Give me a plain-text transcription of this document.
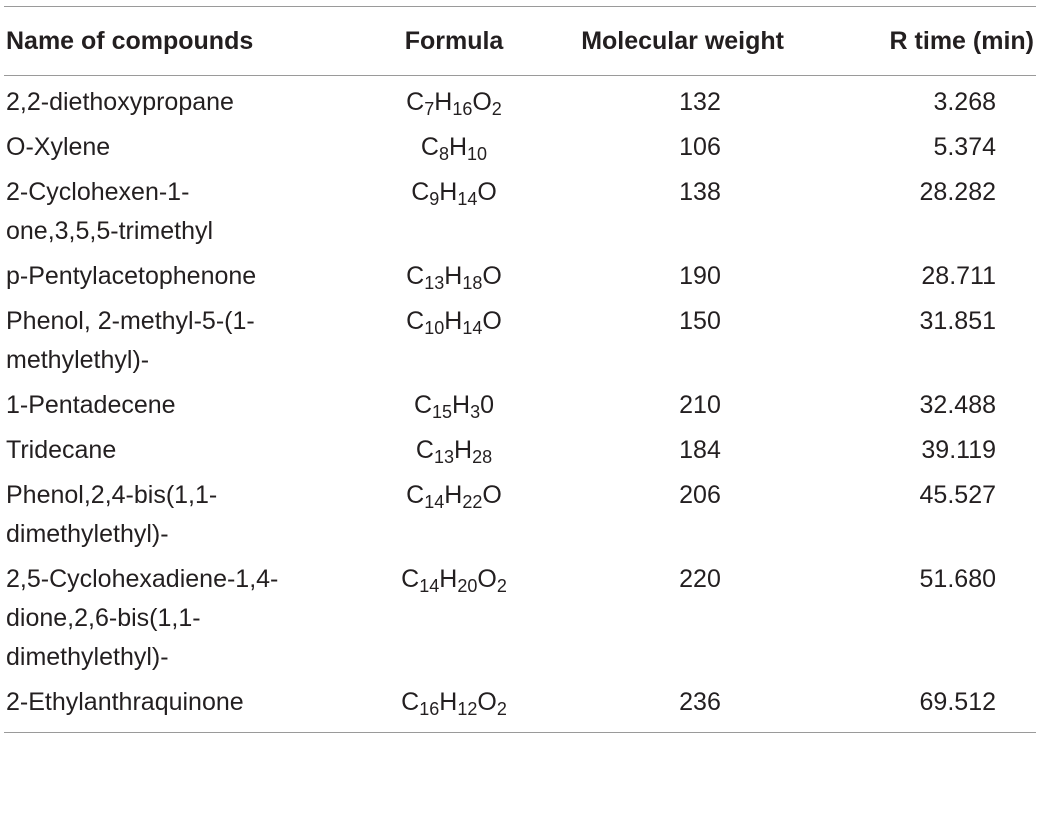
Name of compounds	Formula	Molecular weight	R time (min)
2,2-diethoxypropane	$C_7H_{16}O_2$	132	3.268
O-Xylene	$C_8H_{10}$	106	5.374
2-Cyclohexen-1-one,3,5,5-trimethyl	$C_9H_{14}O$	138	28.282
p-Pentylacetophenone	$C_{13}H_{18}O$	190	28.711
Phenol, 2-methyl-5-(1-methylethyl)-	$C_{10}H_{14}O$	150	31.851
1-Pentadecene	$C_{15}H_30$	210	32.488
Tridecane	$C_{13}H_{28}$	184	39.119
Phenol,2,4-bis(1,1-dimethylethyl)-	$C_{14}H_{22}O$	206	45.527
2,5-Cyclohexadiene-1,4-dione,2,6-bis(1,1-dimethylethyl)-	$C_{14}H_{20}O_2$	220	51.680
2-Ethylanthraquinone	$C_{16}H_{12}O_2$	236	69.512
